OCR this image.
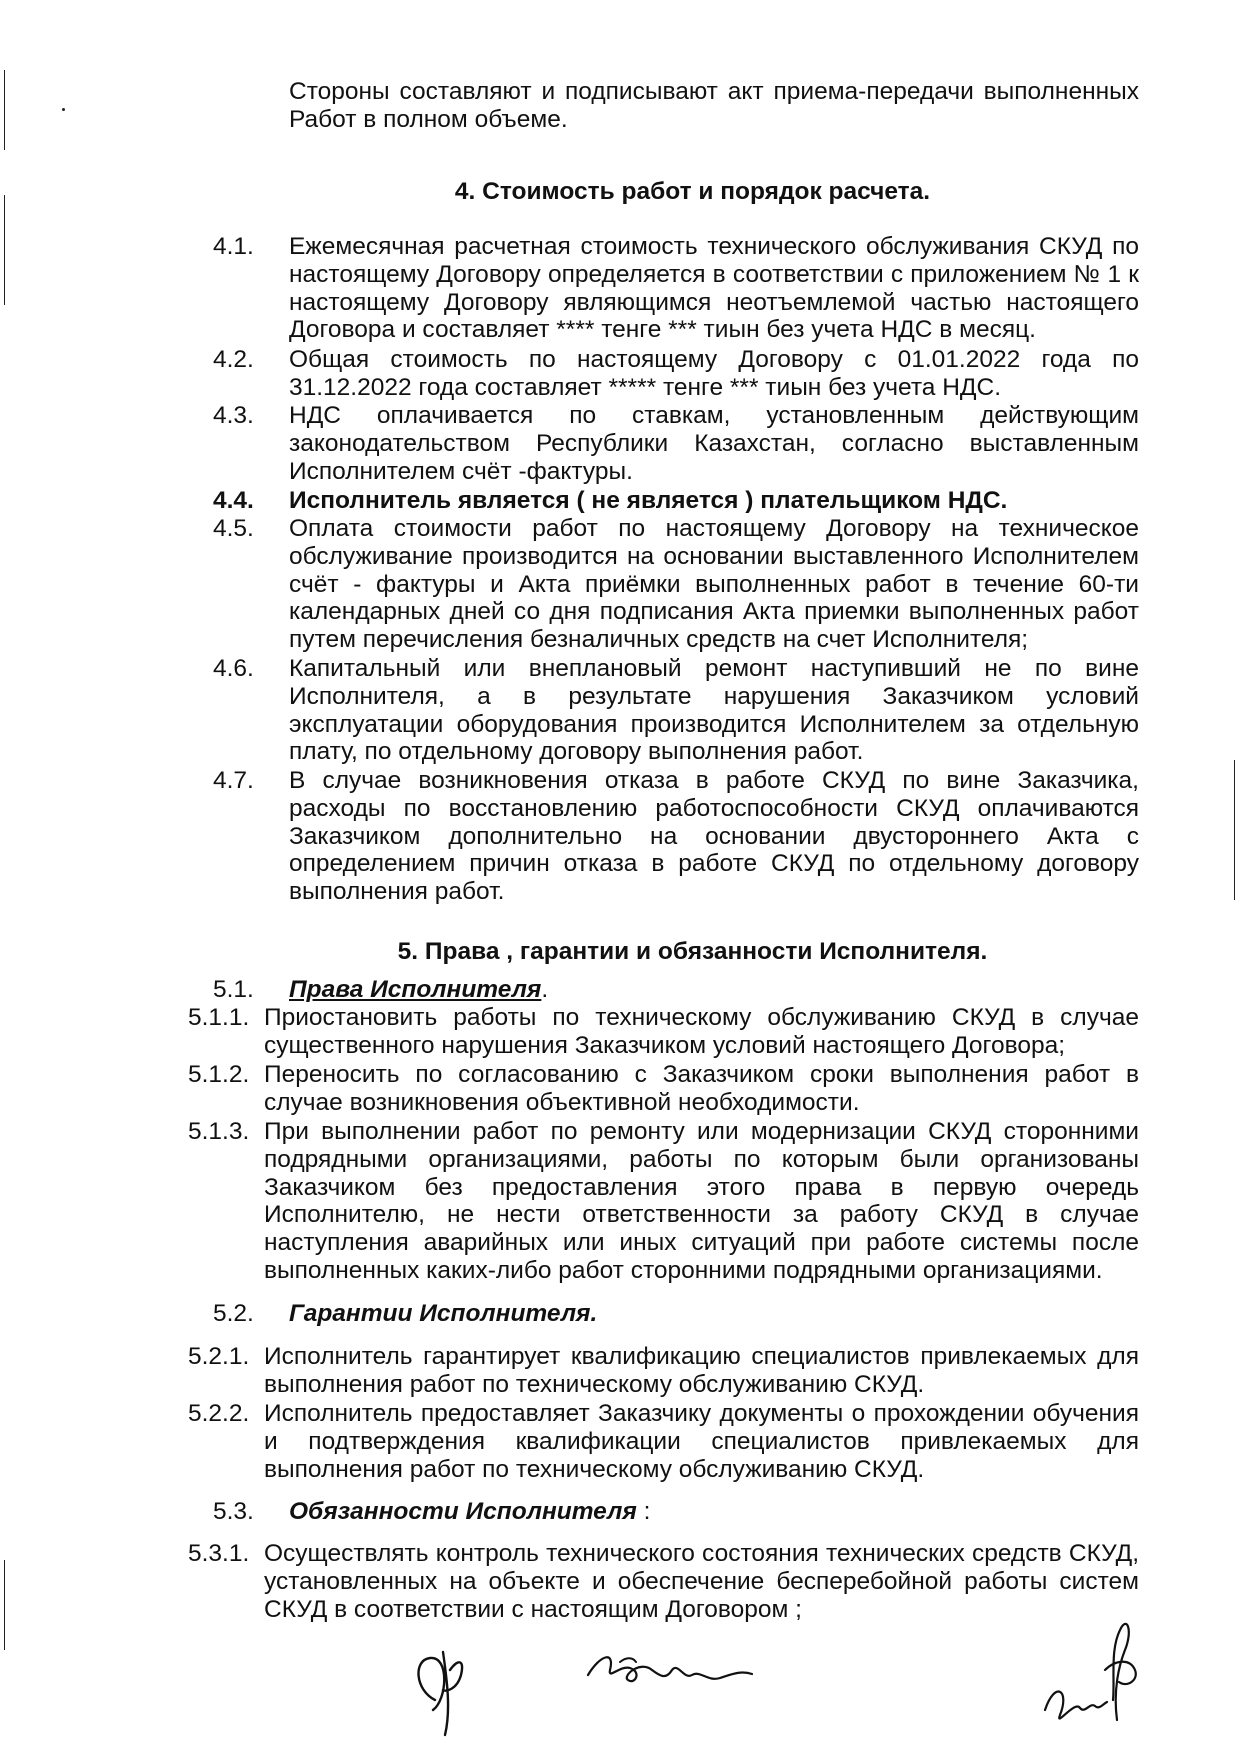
Стороны составляют и подписывают акт приема-передачи выполненных Работ в полном объеме.
4. Стоимость работ и порядок расчета.
4.1. Ежемесячная расчетная стоимость технического обслуживания СКУД по настоящему Договору определяется в соответствии с приложением № 1 к настоящему Договору являющимся неотъемлемой частью настоящего Договора и составляет **** тенге *** тиын без учета НДС в месяц.
4.2. Общая стоимость по настоящему Договору с 01.01.2022 года по 31.12.2022 года составляет ***** тенге *** тиын без учета НДС.
4.3. НДС оплачивается по ставкам, установленным действующим законодательством Республики Казахстан, согласно выставленным Исполнителем счёт -фактуры.
4.4. Исполнитель является ( не является ) плательщиком НДС.
4.5. Оплата стоимости работ по настоящему Договору на техническое обслуживание производится на основании выставленного Исполнителем счёт - фактуры и Акта приёмки выполненных работ в течение 60-ти календарных дней со дня подписания Акта приемки выполненных работ путем перечисления безналичных средств на счет Исполнителя;
4.6. Капитальный или внеплановый ремонт наступивший не по вине Исполнителя, а в результате нарушения Заказчиком условий эксплуатации оборудования производится Исполнителем за отдельную плату, по отдельному договору выполнения работ.
4.7. В случае возникновения отказа в работе СКУД по вине Заказчика, расходы по восстановлению работоспособности СКУД оплачиваются Заказчиком дополнительно на основании двустороннего Акта с определением причин отказа в работе СКУД по отдельному договору выполнения работ.
5. Права , гарантии и обязанности Исполнителя.
5.1. Права Исполнителя.
5.1.1. Приостановить работы по техническому обслуживанию СКУД в случае существенного нарушения Заказчиком условий настоящего Договора;
5.1.2. Переносить по согласованию с Заказчиком сроки выполнения работ в случае возникновения объективной необходимости.
5.1.3. При выполнении работ по ремонту или модернизации СКУД сторонними подрядными организациями, работы по которым были организованы Заказчиком без предоставления этого права в первую очередь Исполнителю, не нести ответственности за работу СКУД в случае наступления аварийных или иных ситуаций при работе системы после выполненных каких-либо работ сторонними подрядными организациями.
5.2. Гарантии Исполнителя.
5.2.1. Исполнитель гарантирует квалификацию специалистов привлекаемых для выполнения работ по техническому обслуживанию СКУД.
5.2.2. Исполнитель предоставляет Заказчику документы о прохождении обучения и подтверждения квалификации специалистов привлекаемых для выполнения работ по техническому обслуживанию СКУД.
5.3. Обязанности Исполнителя :
5.3.1. Осуществлять контроль технического состояния технических средств СКУД, установленных на объекте и обеспечение бесперебойной работы систем СКУД в соответствии с настоящим Договором ;
